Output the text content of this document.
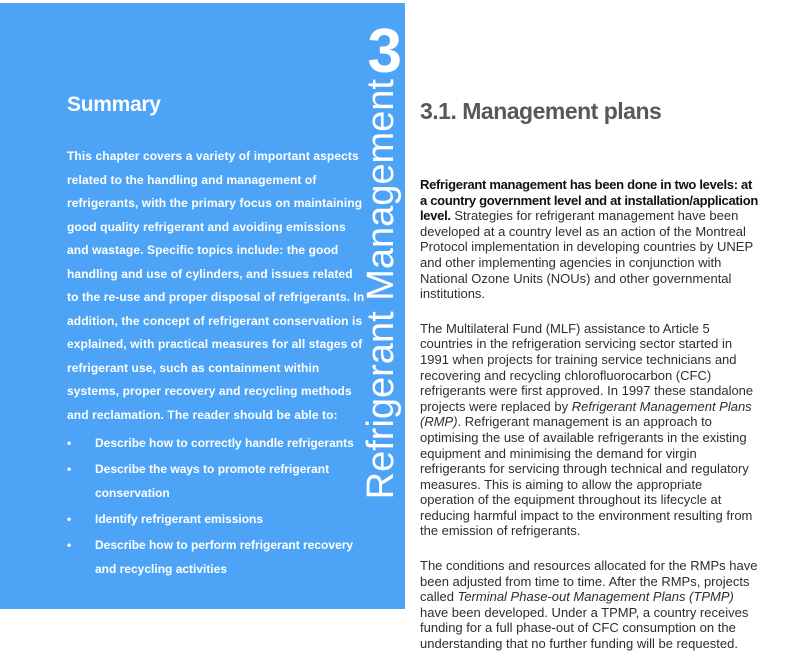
3
Refrigerant Management
Summary
This chapter covers a variety of important aspects related to the handling and management of refrigerants, with the primary focus on maintaining good quality refrigerant and avoiding emissions and wastage. Specific topics include: the good handling and use of cylinders, and issues related to the re-use and proper disposal of refrigerants. In addition, the concept of refrigerant conservation is explained, with practical measures for all stages of refrigerant use, such as containment within systems, proper recovery and recycling methods and reclamation. The reader should be able to:
•	Describe how to correctly handle refrigerants
•	Describe the ways to promote refrigerant conservation
•	Identify refrigerant emissions
•	Describe how to perform refrigerant recovery and recycling activities
3.1. Management plans

Refrigerant management has been done in two levels: at a country government level and at installation/application level. Strategies for refrigerant management have been developed at a country level as an action of the Montreal Protocol implementation in developing countries by UNEP and other implementing agencies in conjunction with National Ozone Units (NOUs) and other governmental institutions.

The Multilateral Fund (MLF) assistance to Article 5 countries in the refrigeration servicing sector started in 1991 when projects for training service technicians and recovering and recycling chlorofluorocarbon (CFC) refrigerants were first approved. In 1997 these standalone projects were replaced by Refrigerant Management Plans (RMP). Refrigerant management is an approach to optimising the use of available refrigerants in the existing equipment and minimising the demand for virgin refrigerants for servicing through technical and regulatory measures. This is aiming to allow the appropriate operation of the equipment throughout its lifecycle at reducing harmful impact to the environment resulting from the emission of refrigerants.

The conditions and resources allocated for the RMPs have been adjusted from time to time. After the RMPs, projects called Terminal Phase-out Management Plans (TPMP) have been developed. Under a TPMP, a country receives funding for a full phase-out of CFC consumption on the understanding that no further funding will be requested.
